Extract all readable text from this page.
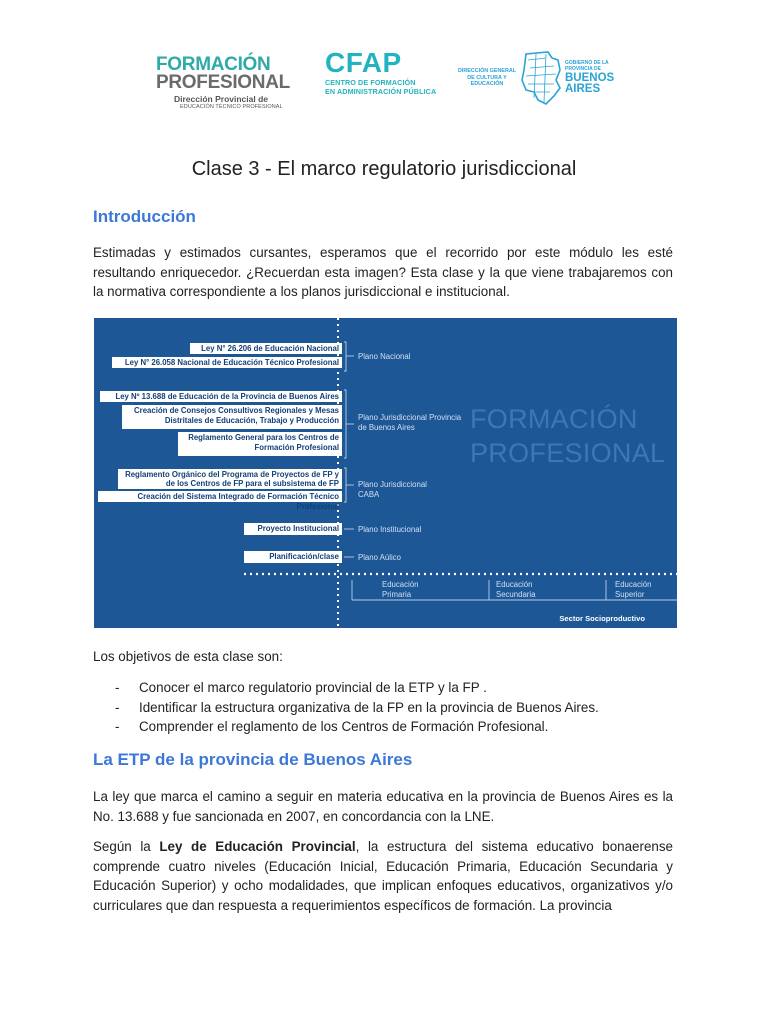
FORMACIÓN
PROFESIONAL
Dirección Provincial de
EDUCACIÓN TÉCNICO PROFESIONAL
CFAP
CENTRO DE FORMACIÓN
EN ADMINISTRACIÓN PÚBLICA
DIRECCIÓN GENERAL DE CULTURA Y EDUCACIÓN
GOBIERNO DE LA PROVINCIA DE
BUENOS
AIRES
Clase 3 - El marco regulatorio jurisdiccional
Introducción

Estimadas y estimados cursantes, esperamos que el recorrido por este módulo les esté resultando enriquecedor. ¿Recuerdan esta imagen? Esta clase y la que viene trabajaremos con la normativa correspondiente a los planos jurisdiccional e institucional.

Ley N° 26.206 de Educación Nacional
Ley N° 26.058 Nacional de Educación Técnico Profesional
Ley Nº 13.688 de Educación de la Provincia de Buenos Aires
Creación de Consejos Consultivos Regionales y Mesas Distritales de Educación, Trabajo y Producción
Reglamento General para los Centros de Formación Profesional
Reglamento Orgánico del Programa de Proyectos de FP y de los Centros de FP para el subsistema de FP
Creación del Sistema Integrado de Formación Técnico Profesional
Proyecto Institucional
Planificación/clase
Plano Nacional
Plano Jurisdiccional Provincia de Buenos Aires
Plano Jurisdiccional CABA
Plano Institucional
Plano Aúlico
FORMACIÓN
PROFESIONAL
Educación Primaria
Educación Secundaria
Educación Superior
Sector Socioproductivo

Los objetivos de esta clase son:

- Conocer el marco regulatorio provincial de la ETP y la FP .
- Identificar la estructura organizativa de la FP en la provincia de Buenos Aires.
- Comprender el reglamento de los Centros de Formación Profesional.
La ETP de la provincia de Buenos Aires

La ley que marca el camino a seguir en materia educativa en la provincia de Buenos Aires es la No. 13.688 y fue sancionada en 2007, en concordancia con la LNE.

Según la Ley de Educación Provincial, la estructura del sistema educativo bonaerense comprende cuatro niveles (Educación Inicial, Educación Primaria, Educación Secundaria y Educación Superior) y ocho modalidades, que implican enfoques educativos, organizativos y/o curriculares que dan respuesta a requerimientos específicos de formación. La provincia
